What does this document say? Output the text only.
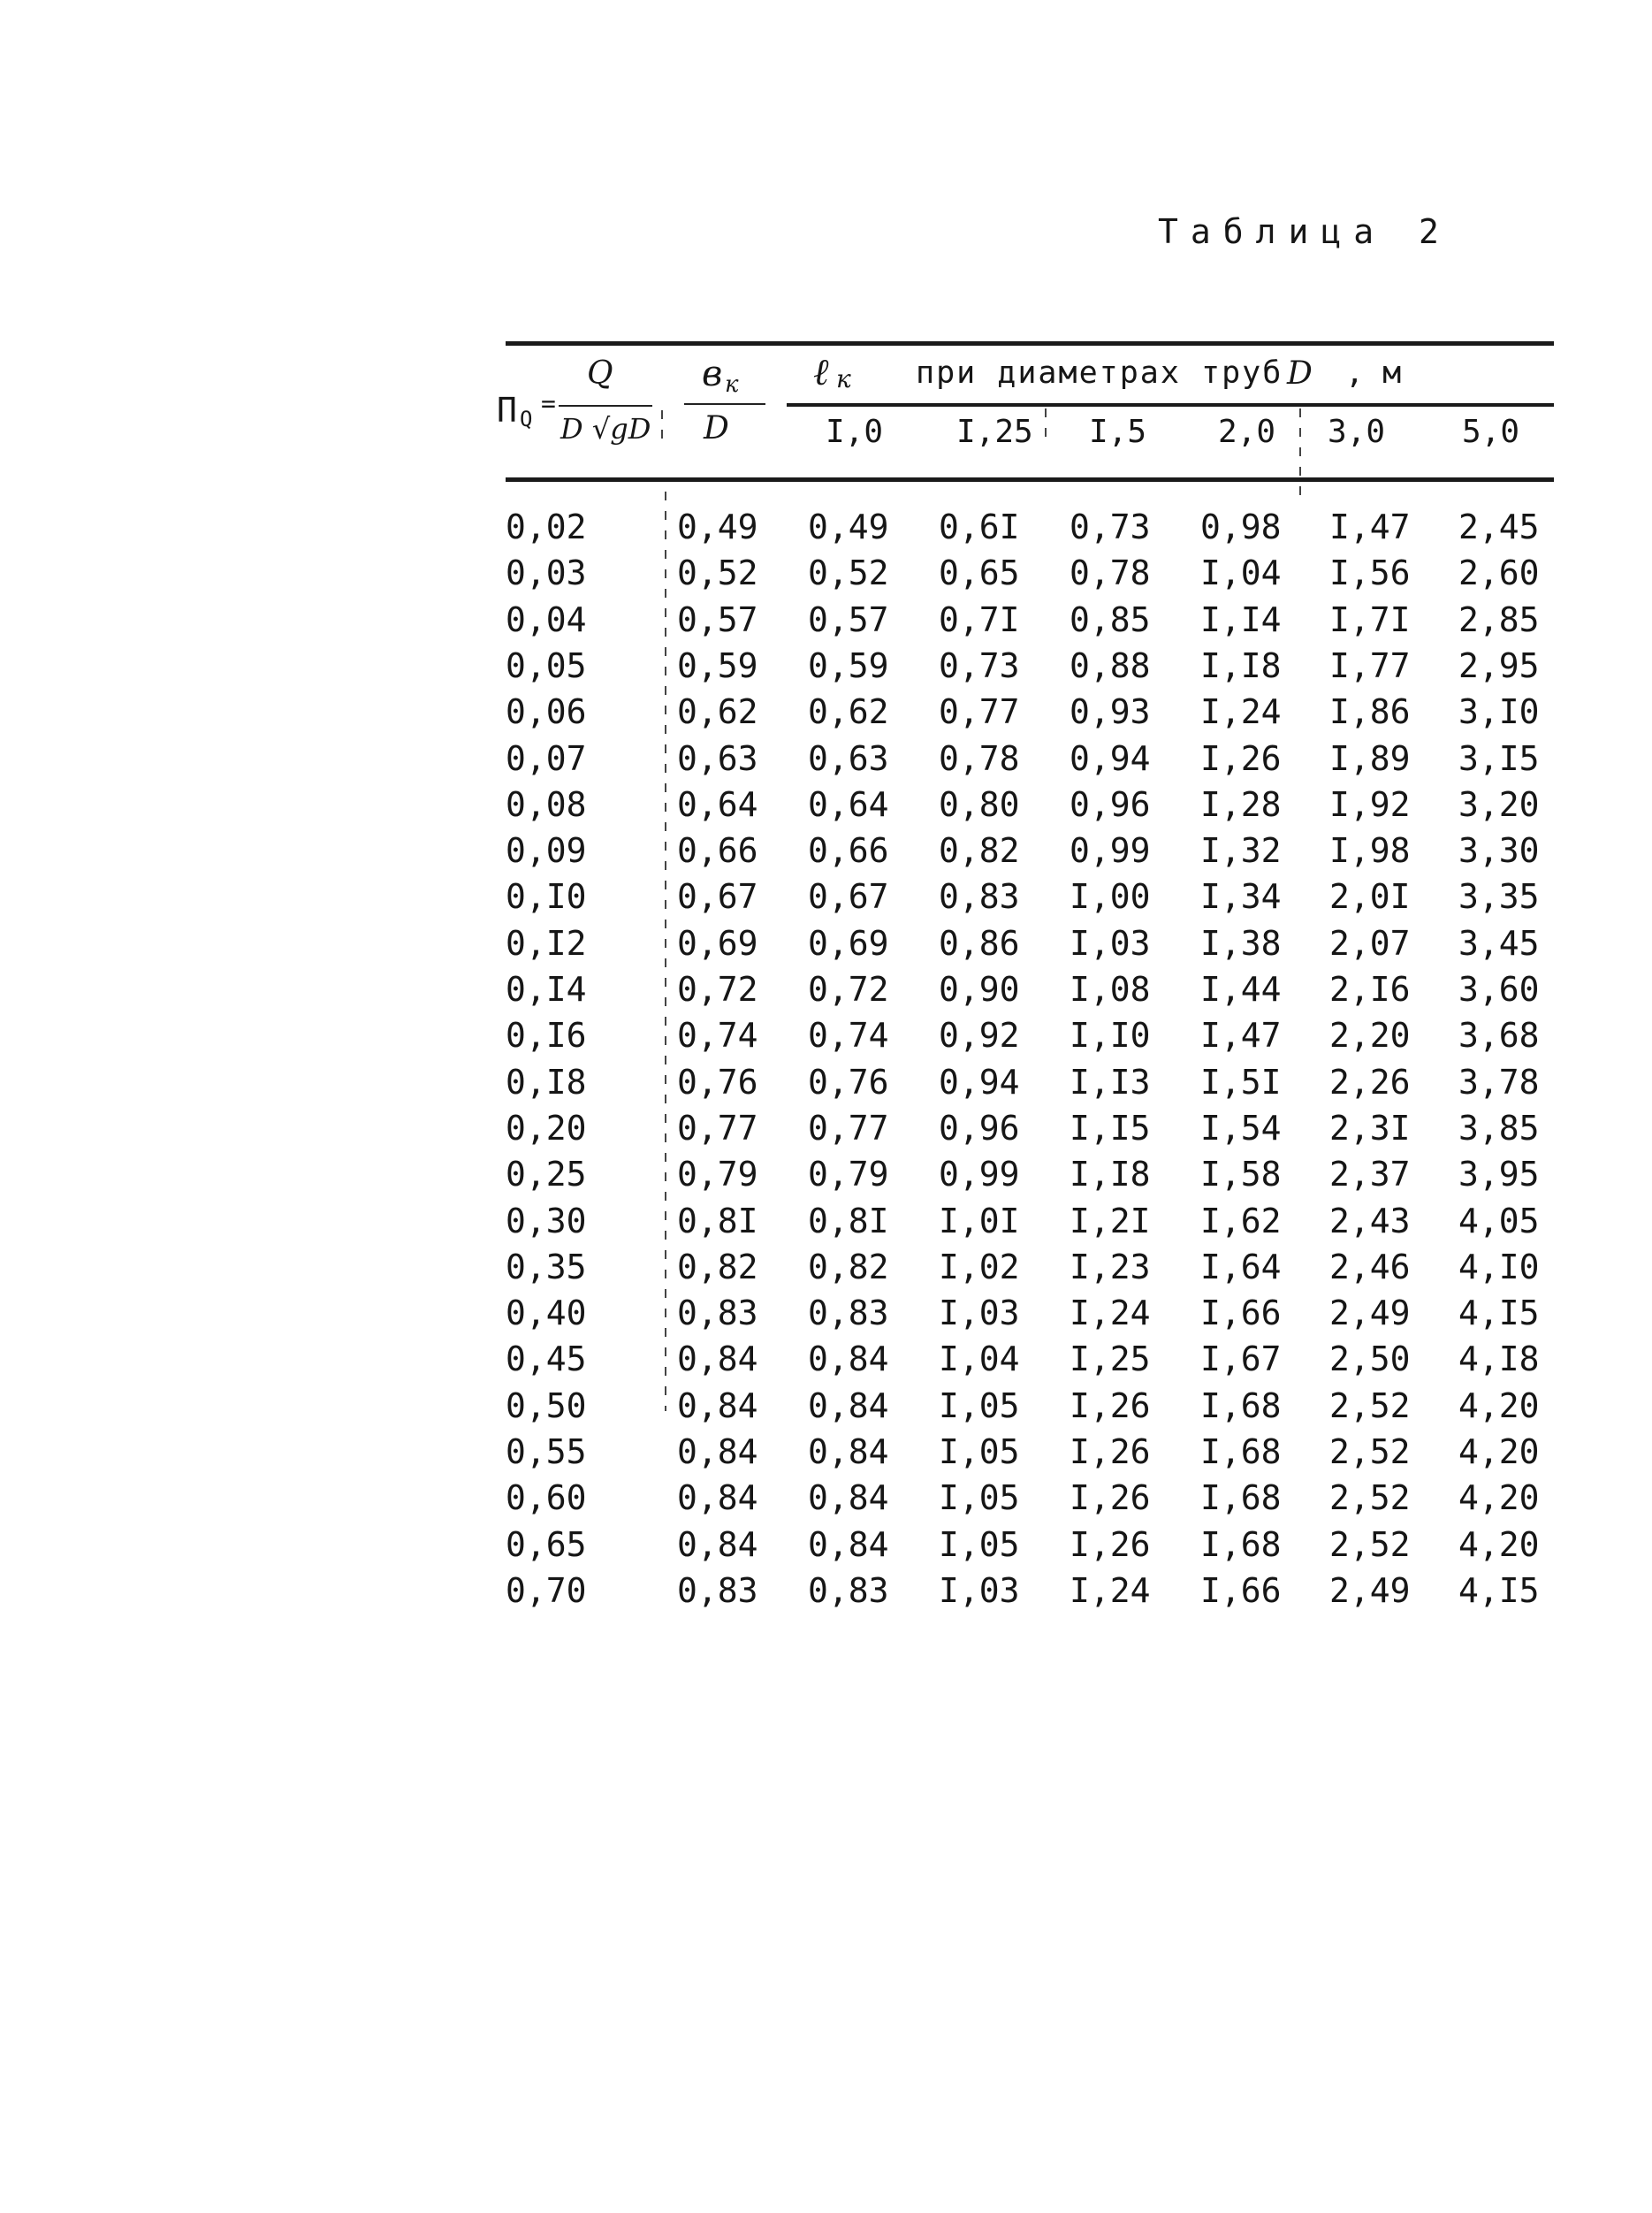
Таблица 2
П Q
=
Q
D √gD
в к
D
ℓ к при диаметрах труб D , м
I,0 I,25 I,5 2,0 3,0 5,0
0,02	0,49 0,49 0,6I 0,73 0,98 I,47 2,45
0,03	0,52 0,52 0,65 0,78 I,04 I,56 2,60
0,04	0,57 0,57 0,7I 0,85 I,I4 I,7I 2,85
0,05	0,59 0,59 0,73 0,88 I,I8 I,77 2,95
0,06	0,62 0,62 0,77 0,93 I,24 I,86 3,I0
0,07	0,63 0,63 0,78 0,94 I,26 I,89 3,I5
0,08	0,64 0,64 0,80 0,96 I,28 I,92 3,20
0,09	0,66 0,66 0,82 0,99 I,32 I,98 3,30
0,I0	0,67 0,67 0,83 I,00 I,34 2,0I 3,35
0,I2	0,69 0,69 0,86 I,03 I,38 2,07 3,45
0,I4	0,72 0,72 0,90 I,08 I,44 2,I6 3,60
0,I6	0,74 0,74 0,92 I,I0 I,47 2,20 3,68
0,I8	0,76 0,76 0,94 I,I3 I,5I 2,26 3,78
0,20	0,77 0,77 0,96 I,I5 I,54 2,3I 3,85
0,25	0,79 0,79 0,99 I,I8 I,58 2,37 3,95
0,30	0,8I 0,8I I,0I I,2I I,62 2,43 4,05
0,35	0,82 0,82 I,02 I,23 I,64 2,46 4,I0
0,40	0,83 0,83 I,03 I,24 I,66 2,49 4,I5
0,45	0,84 0,84 I,04 I,25 I,67 2,50 4,I8
0,50	0,84 0,84 I,05 I,26 I,68 2,52 4,20
0,55	0,84 0,84 I,05 I,26 I,68 2,52 4,20
0,60	0,84 0,84 I,05 I,26 I,68 2,52 4,20
0,65	0,84 0,84 I,05 I,26 I,68 2,52 4,20
0,70	0,83 0,83 I,03 I,24 I,66 2,49 4,I5
